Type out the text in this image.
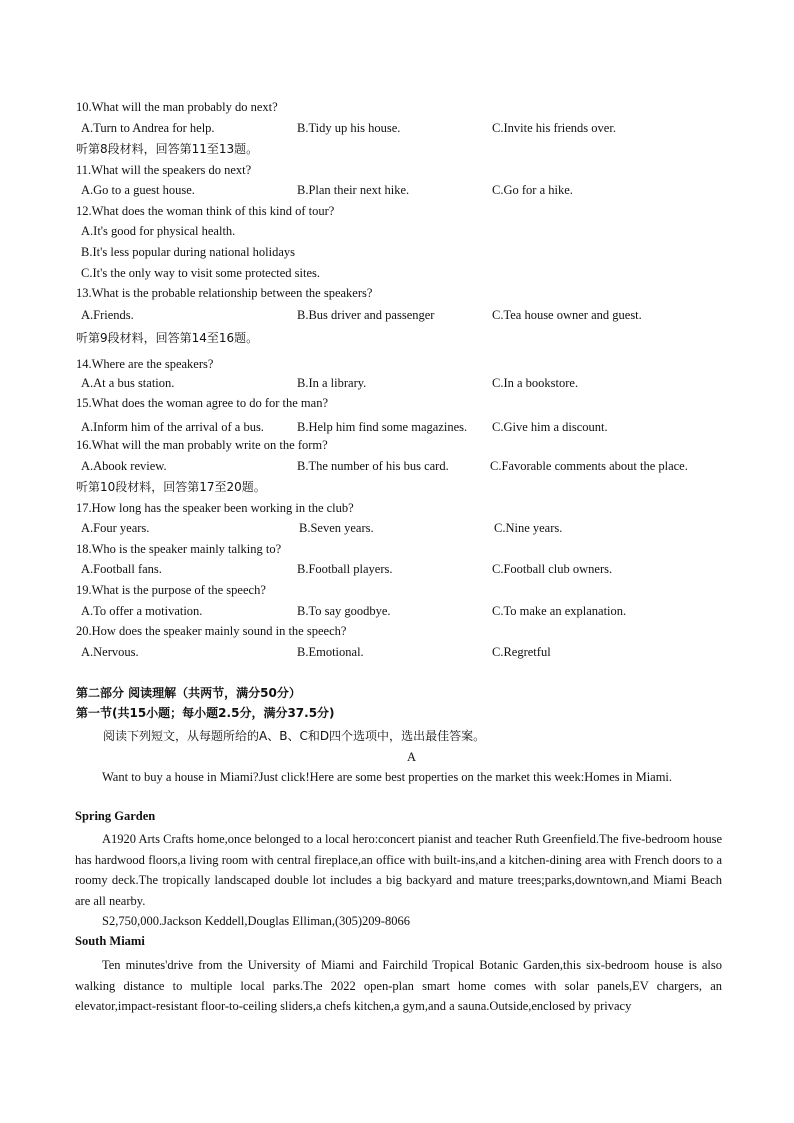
10.What will the man probably do next?
A.Turn to Andrea for help.	B.Tidy up his house.	C.Invite his friends over.
听第8段材料，回答第11至13题。
11.What will the speakers do next?
A.Go to a guest house.	B.Plan their next hike.	C.Go for a hike.
12.What does the woman think of this kind of tour?
A.It's good for physical health.
B.It's less popular during national holidays
C.It's the only way to visit some protected sites.
13.What is the probable relationship between the speakers?
A.Friends.	B.Bus driver and passenger	C.Tea house owner and guest.
听第9段材料，回答第14至16题。
14.Where are the speakers?
A.At a bus station.	B.In a library.	C.In a bookstore.
15.What does the woman agree to do for the man?
A.Inform him of the arrival of a bus.	B.Help him find some magazines. C.Give him a discount.
16.What will the man probably write on the form?
A.Abook review.	B.The number of his bus card.	C.Favorable comments about the place.
听第10段材料，回答第17至20题。
17.How long has the speaker been working in the club?
A.Four years.	B.Seven years.	C.Nine years.
18.Who is the speaker mainly talking to?
A.Football fans.	B.Football players.	C.Football club owners.
19.What is the purpose of the speech?
A.To offer a motivation.	B.To say goodbye.	C.To make an explanation.
20.How does the speaker mainly sound in the speech?
A.Nervous.	B.Emotional.	C.Regretful
第二部分 阅读理解（共两节，满分50分）
第一节(共15小题；每小题2.5分，满分37.5分)
阅读下列短文，从每题所给的A、B、C和D四个选项中，选出最佳答案。
A
Want to buy a house in Miami?Just click!Here are some best properties on the market this week:Homes in Miami.
Spring Garden
A1920 Arts Crafts home,once belonged to a local hero:concert pianist and teacher Ruth Greenfield.The five-bedroom house has hardwood floors,a living room with central fireplace,an office with built-ins,and a kitchen-dining area with French doors to a roomy deck.The tropically landscaped double lot includes a big backyard and mature trees;parks,downtown,and Miami Beach are all nearby.
S2,750,000.Jackson Keddell,Douglas Elliman,(305)209-8066
South Miami
Ten minutes'drive from the University of Miami and Fairchild Tropical Botanic Garden,this six-bedroom house is also walking distance to multiple local parks.The 2022 open-plan smart home comes with solar panels,EV chargers, an elevator,impact-resistant floor-to-ceiling sliders,a chefs kitchen,a gym,and a sauna.Outside,enclosed by privacy
